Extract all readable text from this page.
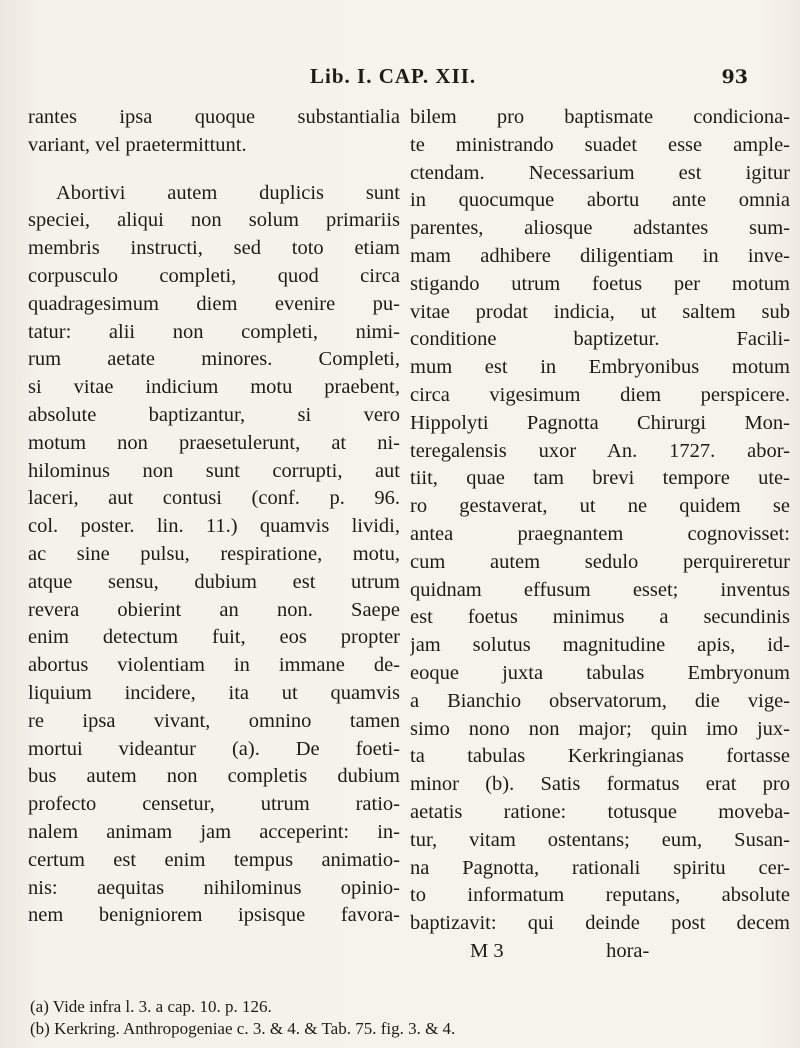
Lib. I. CAP. XII.	93
rantes ipsa quoque substantialia
variant, vel praetermittunt.
Abortivi autem duplicis sunt
speciei, aliqui non solum primariis
membris instructi, sed toto etiam
corpusculo completi, quod circa
quadragesimum diem evenire pu-
tatur: alii non completi, nimi-
rum aetate minores. Completi,
si vitae indicium motu praebent,
absolute baptizantur, si vero
motum non praesetulerunt, at ni-
hilominus non sunt corrupti, aut
laceri, aut contusi (conf. p. 96.
col. poster. lin. 11.) quamvis lividi,
ac sine pulsu, respiratione, motu,
atque sensu, dubium est utrum
revera obierint an non. Saepe
enim detectum fuit, eos propter
abortus violentiam in immane de-
liquium incidere, ita ut quamvis
re ipsa vivant, omnino tamen
mortui videantur (a). De foeti-
bus autem non completis dubium
profecto censetur, utrum ratio-
nalem animam jam acceperint: in-
certum est enim tempus animatio-
nis: aequitas nihilominus opinio-
nem benigniorem ipsisque favora-
bilem pro baptismate condiciona-
te ministrando suadet esse ample-
ctendam. Necessarium est igitur
in quocumque abortu ante omnia
parentes, aliosque adstantes sum-
mam adhibere diligentiam in inve-
stigando utrum foetus per motum
vitae prodat indicia, ut saltem sub
conditione baptizetur. Facili-
mum est in Embryonibus motum
circa vigesimum diem perspicere.
Hippolyti Pagnotta Chirurgi Mon-
teregalensis uxor An. 1727. abor-
tiit, quae tam brevi tempore ute-
ro gestaverat, ut ne quidem se
antea praegnantem cognovisset:
cum autem sedulo perquireretur
quidnam effusum esset; inventus
est foetus minimus a secundinis
jam solutus magnitudine apis, id-
eoque juxta tabulas Embryonum
a Bianchio observatorum, die vige-
simo nono non major; quin imo jux-
ta tabulas Kerkringianas fortasse
minor (b). Satis formatus erat pro
aetatis ratione: totusque moveba-
tur, vitam ostentans; eum, Susan-
na Pagnotta, rationali spiritu cer-
to informatum reputans, absolute
baptizavit: qui deinde post decem
M 3                    hora-
(a) Vide infra l. 3. a cap. 10. p. 126.
(b) Kerkring. Anthropogeniae c. 3. & 4. & Tab. 75. fig. 3. & 4.
